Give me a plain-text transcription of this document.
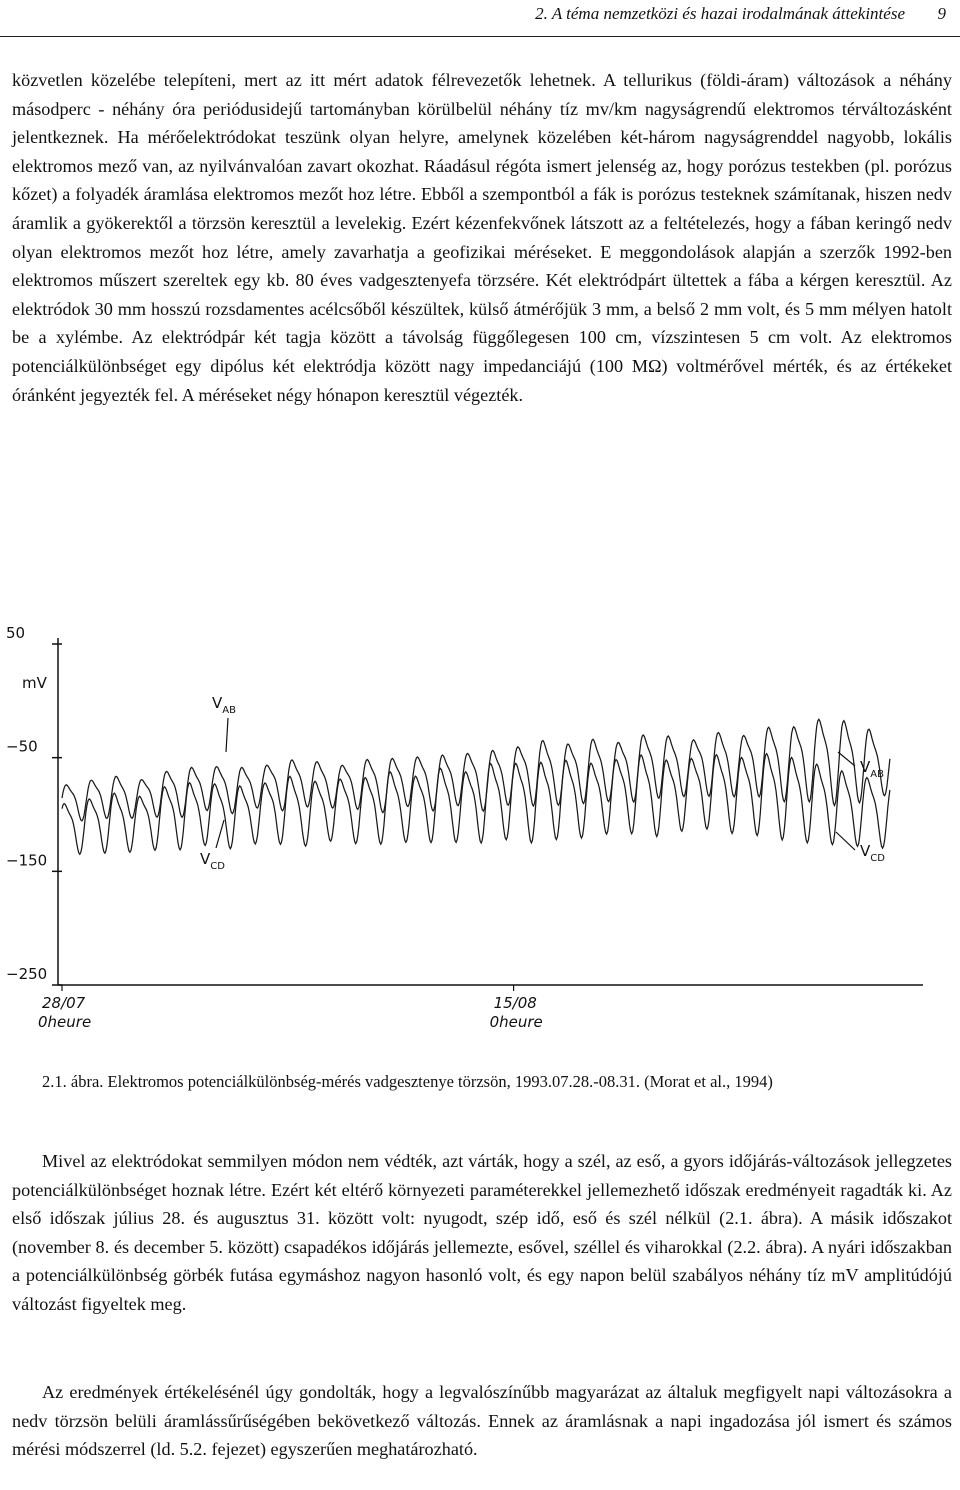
2. A téma nemzetközi és hazai irodalmának áttekintése 9

közvetlen közelébe telepíteni, mert az itt mért adatok félrevezetők lehetnek. A tellurikus (földi-áram) változások a néhány másodperc - néhány óra periódusidejű tartományban körülbelül néhány tíz mv/km nagyságrendű elektromos térváltozásként jelentkeznek. Ha mérőelektródokat teszünk olyan helyre, amelynek közelében két-három nagyságrenddel nagyobb, lokális elektromos mező van, az nyilvánvalóan zavart okozhat. Ráadásul régóta ismert jelenség az, hogy porózus testekben (pl. porózus kőzet) a folyadék áramlása elektromos mezőt hoz létre. Ebből a szempontból a fák is porózus testeknek számítanak, hiszen nedv áramlik a gyökerektől a törzsön keresztül a levelekig. Ezért kézenfekvőnek látszott az a feltételezés, hogy a fában keringő nedv olyan elektromos mezőt hoz létre, amely zavarhatja a geofizikai méréseket. E meggondolások alapján a szerzők 1992-ben elektromos műszert szereltek egy kb. 80 éves vadgesztenyefa törzsére. Két elektródpárt ültettek a fába a kérgen keresztül. Az elektródok 30 mm hosszú rozsdamentes acélcsőből készültek, külső átmérőjük 3 mm, a belső 2 mm volt, és 5 mm mélyen hatolt be a xylémbe. Az elektródpár két tagja között a távolság függőlegesen 100 cm, vízszintesen 5 cm volt. Az elektromos potenciálkülönbséget egy dipólus két elektródja között nagy impedanciájú (100 MΩ) voltmérővel mérték, és az értékeket óránként jegyezték fel. A méréseket négy hónapon keresztül végezték.

50
−50
−150
−250
mV
28/07
0heure
15/08
0heure
$V_{AB}$
$V_{CD}$
$V_{AB}$
$V_{CD}$
2.1. ábra. Elektromos potenciálkülönbség-mérés vadgesztenye törzsön, 1993.07.28.-08.31. (Morat et al., 1994)

Mivel az elektródokat semmilyen módon nem védték, azt várták, hogy a szél, az eső, a gyors időjárás-változások jellegzetes potenciálkülönbséget hoznak létre. Ezért két eltérő környezeti paraméterekkel jellemezhető időszak eredményeit ragadták ki. Az első időszak július 28. és augusztus 31. között volt: nyugodt, szép idő, eső és szél nélkül (2.1. ábra). A másik időszakot (november 8. és december 5. között) csapadékos időjárás jellemezte, esővel, széllel és viharokkal (2.2. ábra). A nyári időszakban a potenciálkülönbség görbék futása egymáshoz nagyon hasonló volt, és egy napon belül szabályos néhány tíz mV amplitúdójú változást figyeltek meg.

Az eredmények értékelésénél úgy gondolták, hogy a legvalószínűbb magyarázat az általuk megfigyelt napi változásokra a nedv törzsön belüli áramlássűrűségében bekövetkező változás. Ennek az áramlásnak a napi ingadozása jól ismert és számos mérési módszerrel (ld. 5.2. fejezet) egyszerűen meghatározható.
